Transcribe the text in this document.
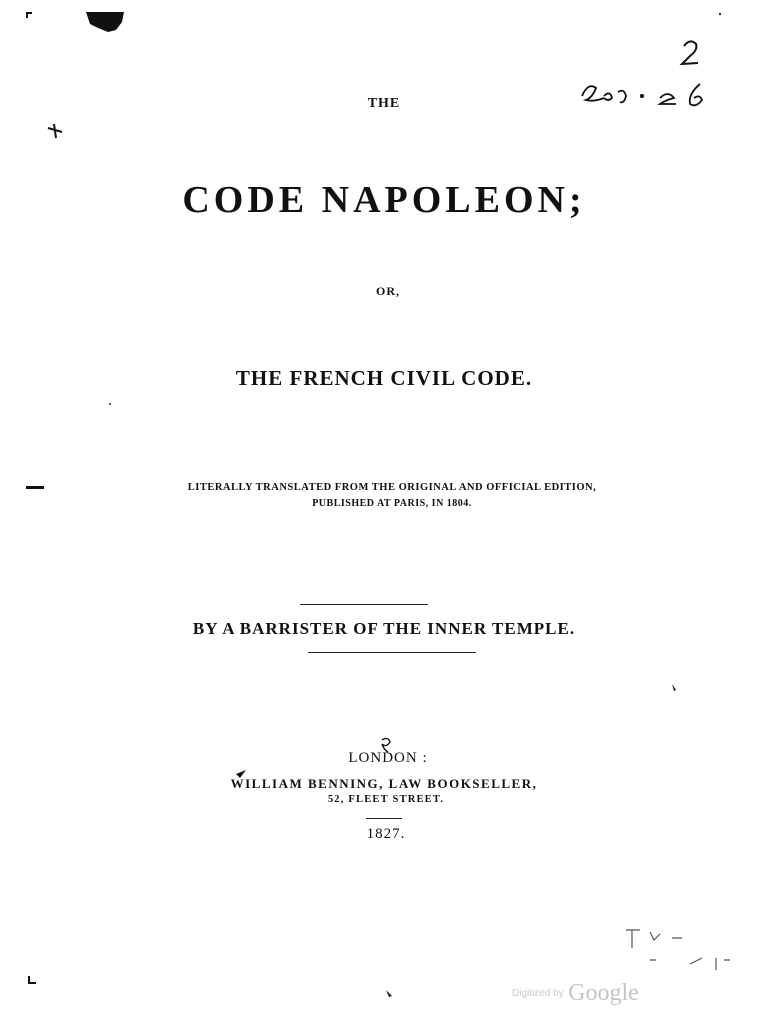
THE
CODE NAPOLEON;
OR,
THE FRENCH CIVIL CODE.
LITERALLY TRANSLATED FROM THE ORIGINAL AND OFFICIAL EDITION,
PUBLISHED AT PARIS, IN 1804.
BY A BARRISTER OF THE INNER TEMPLE.
LONDON :
WILLIAM BENNING, LAW BOOKSELLER,
52, FLEET STREET.
1827.
Digitized by Google
